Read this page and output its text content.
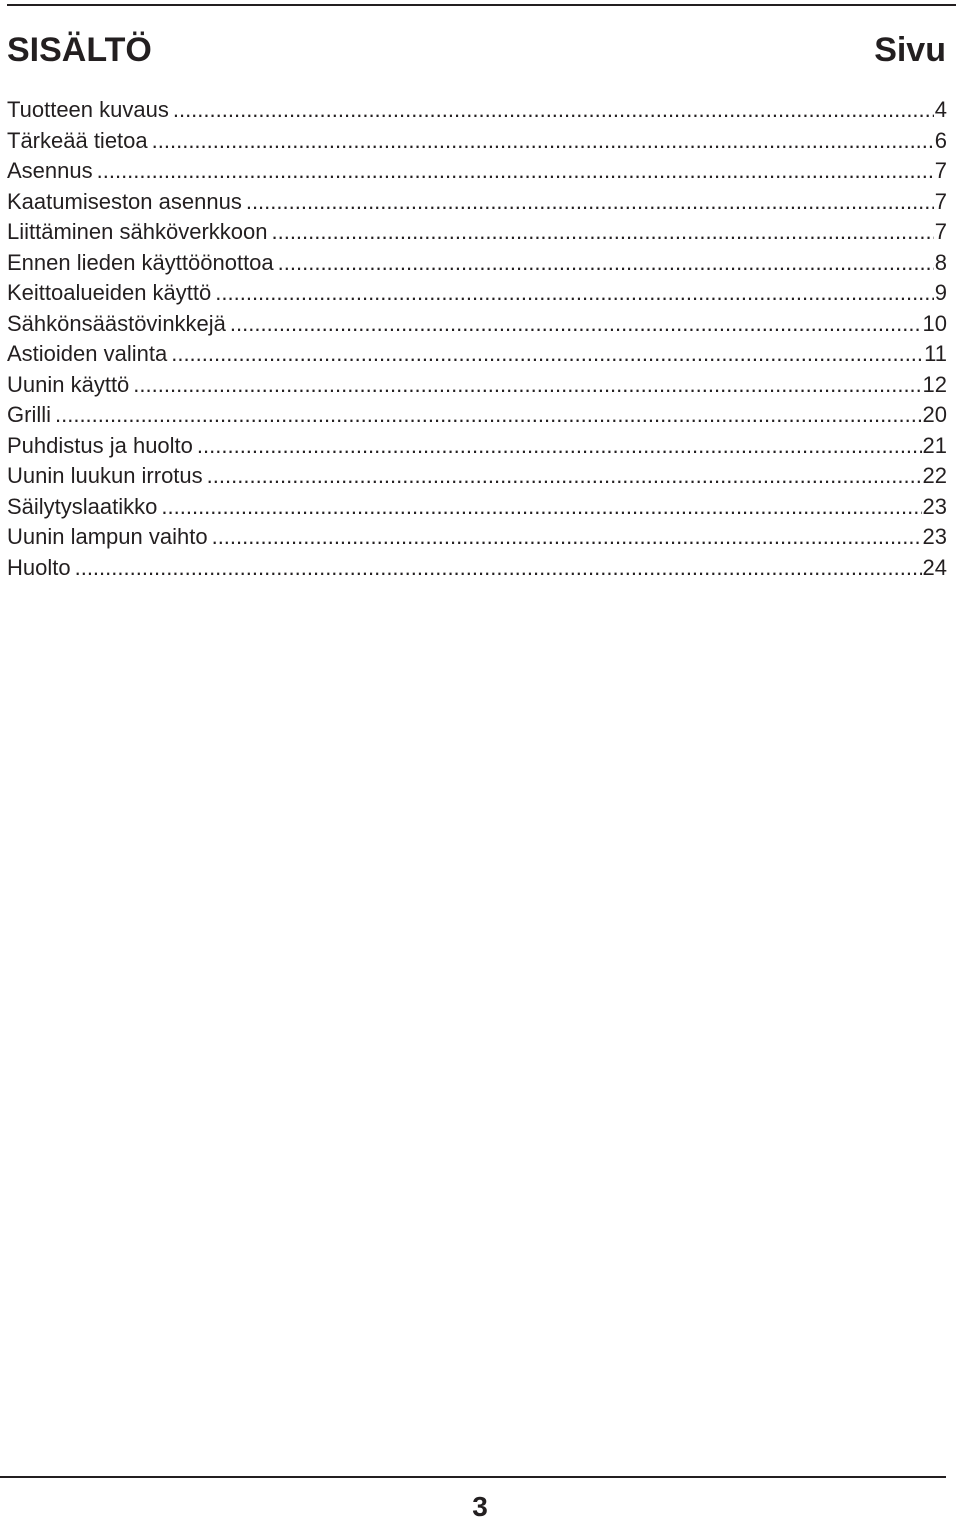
SISÄLTÖ	Sivu
Tuotteen kuvaus .....	4
Tärkeää tietoa .....	6
Asennus .....	7
Kaatumiseston asennus .....	7
Liittäminen sähköverkkoon .....	7
Ennen lieden käyttöönottoa .....	8
Keittoalueiden käyttö .....	9
Sähkönsäästövinkkejä .....	10
Astioiden valinta .....	11
Uunin käyttö .....	12
Grilli .....	20
Puhdistus ja huolto .....	21
Uunin luukun irrotus .....	22
Säilytyslaatikko .....	23
Uunin lampun vaihto .....	23
Huolto .....	24
3
